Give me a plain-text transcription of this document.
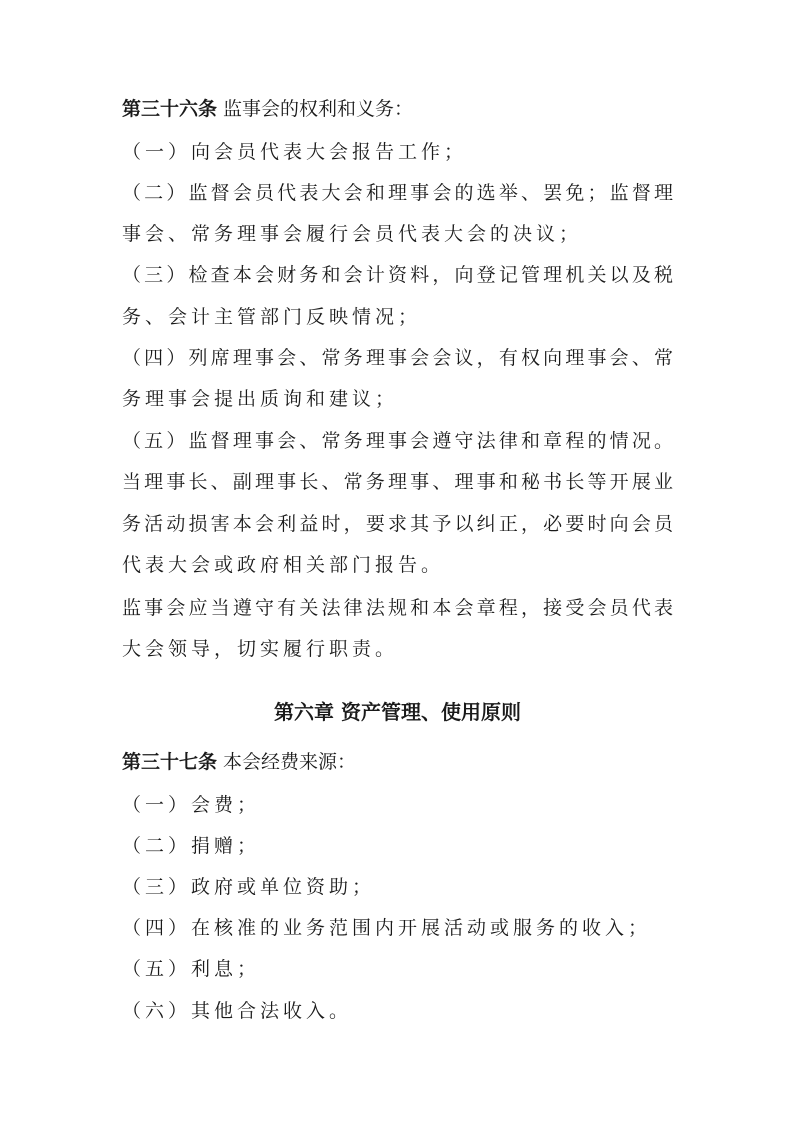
第三十六条 监事会的权利和义务：
（一）向会员代表大会报告工作；
（二）监督会员代表大会和理事会的选举、罢免；监督理
事会、常务理事会履行会员代表大会的决议；
（三）检查本会财务和会计资料，向登记管理机关以及税
务、会计主管部门反映情况；
（四）列席理事会、常务理事会会议，有权向理事会、常
务理事会提出质询和建议；
（五）监督理事会、常务理事会遵守法律和章程的情况。
当理事长、副理事长、常务理事、理事和秘书长等开展业
务活动损害本会利益时，要求其予以纠正，必要时向会员
代表大会或政府相关部门报告。
监事会应当遵守有关法律法规和本会章程，接受会员代表
大会领导，切实履行职责。
第六章 资产管理、使用原则
第三十七条 本会经费来源：
（一）会费；
（二）捐赠；
（三）政府或单位资助；
（四）在核准的业务范围内开展活动或服务的收入；
（五）利息；
（六）其他合法收入。
